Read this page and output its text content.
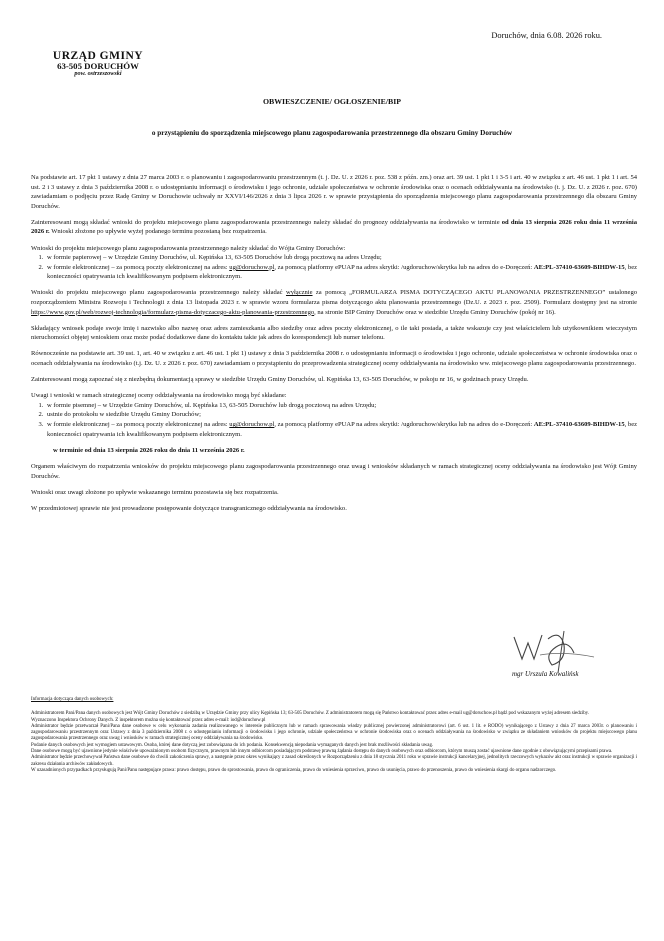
Doruchów, dnia 6.08. 2026 roku.
URZĄD GMINY
63-505 DORUCHÓW
pow. ostrzeszowski
OBWIESZCZENIE/ OGŁOSZENIE/BIP
o przystąpieniu do sporządzenia miejscowego planu zagospodarowania przestrzennego dla obszaru Gminy Doruchów

Na podstawie art. 17 pkt 1 ustawy z dnia 27 marca 2003 r. o planowaniu i zagospodarowaniu przestrzennym (t. j. Dz. U. z 2026 r. poz. 538 z późn. zm.) oraz art. 39 ust. 1 pkt 1 i 3-5 i art. 40 w związku z art. 46 ust. 1 pkt 1 i art. 54 ust. 2 i 3 ustawy z dnia 3 października 2008 r. o udostępnianiu informacji o środowisku i jego ochronie, udziale społeczeństwa w ochronie środowiska oraz o ocenach oddziaływania na środowisko (t. j. Dz. U. z 2026 r. poz. 670) zawiadamiam o podjęciu przez Radę Gminy w Doruchowie uchwały nr XXVI/146/2026 z dnia 3 lipca 2026 r. w sprawie przystąpienia do sporządzenia miejscowego planu zagospodarowania przestrzennego dla obszaru Gminy Doruchów.

Zainteresowani mogą składać wnioski do projektu miejscowego planu zagospodarowania przestrzennego należy składać do prognozy oddziaływania na środowisko w terminie od dnia 13 sierpnia 2026 roku dnia 11 września 2026 r. Wnioski złożone po upływie wyżej podanego terminu pozostaną bez rozpatrzenia.

Wnioski do projektu miejscowego planu zagospodarowania przestrzennego należy składać do Wójta Gminy Doruchów:

1. w formie papierowej – w Urzędzie Gminy Doruchów, ul. Kępińska 13, 63-505 Doruchów lub drogą pocztową na adres Urzędu;
2. w formie elektronicznej – za pomocą poczty elektronicznej na adres: ug@doruchow.pl, za pomocą platformy ePUAP na adres skrytki: /ugdoruchow/skrytka lub na adres do e-Doręczeń: AE:PL-37410-63609-BIHDW-15, bez konieczności opatrywania ich kwalifikowanym podpisem elektronicznym.

Wnioski do projektu miejscowego planu zagospodarowania przestrzennego należy składać wyłącznie za pomocą „FORMULARZA PISMA DOTYCZĄCEGO AKTU PLANOWANIA PRZESTRZENNEGO” ustalonego rozporządzeniem Ministra Rozwoju i Technologii z dnia 13 listopada 2023 r. w sprawie wzoru formularza pisma dotyczącego aktu planowania przestrzennego (Dz.U. z 2023 r. poz. 2509). Formularz dostępny jest na stronie https://www.gov.pl/web/rozwoj-technologia/formularz-pisma-dotyczacego-aktu-planowania-przestrzennego, na stronie BIP Gminy Doruchów oraz w siedzibie Urzędu Gminy Doruchów (pokój nr 16).

Składający wniosek podaje swoje imię i nazwisko albo nazwę oraz adres zamieszkania albo siedziby oraz adres poczty elektronicznej, o ile taki posiada, a także wskazuje czy jest właścicielem lub użytkownikiem wieczystym nieruchomości objętej wnioskiem oraz może podać dodatkowe dane do kontaktu takie jak adres do korespondencji lub numer telefonu.

Równocześnie na podstawie art. 39 ust. 1, art. 40 w związku z art. 46 ust. 1 pkt 1) ustawy z dnia 3 października 2008 r. o udostępnianiu informacji o środowisku i jego ochronie, udziale społeczeństwa w ochronie środowiska oraz o ocenach oddziaływania na środowisko (t.j. Dz. U. z 2026 r. poz. 670) zawiadamiam o przystąpieniu do przeprowadzenia strategicznej oceny oddziaływania na środowisko ww. miejscowego planu zagospodarowania przestrzennego.

Zainteresowani mogą zapoznać się z niezbędną dokumentacją sprawy w siedzibie Urzędu Gminy Doruchów, ul. Kępińska 13, 63-505 Doruchów, w pokoju nr 16, w godzinach pracy Urzędu.

Uwagi i wnioski w ramach strategicznej oceny oddziaływania na środowisko mogą być składane:

1. w formie pisemnej – w Urzędzie Gminy Doruchów, ul. Kępińska 13, 63-505 Doruchów lub drogą pocztową na adres Urzędu;
2. ustnie do protokołu w siedzibie Urzędu Gminy Doruchów;
3. w formie elektronicznej – za pomocą poczty elektronicznej na adres: ug@doruchow.pl, za pomocą platformy ePUAP na adres skrytki: /ugdoruchow/skrytka lub na adres do e-Doręczeń: AE:PL-37410-63609-BIHDW-15, bez konieczności opatrywania ich kwalifikowanym podpisem elektronicznym.

w terminie od dnia 13 sierpnia 2026 roku do dnia 11 września 2026 r.

Organem właściwym do rozpatrzenia wniosków do projektu miejscowego planu zagospodarowania przestrzennego oraz uwag i wniosków składanych w ramach strategicznej oceny oddziaływania na środowisko jest Wójt Gminy Doruchów.

Wnioski oraz uwagi złożone po upływie wskazanego terminu pozostawia się bez rozpatrzenia.

W przedmiotowej sprawie nie jest prowadzone postępowanie dotyczące transgranicznego oddziaływania na środowisko.

mgr Urszula Kowalińsk

Informacja dotycząca danych osobowych:

Administratorem Pani/Pana danych osobowych jest Wójt Gminy Doruchów z siedzibą w Urzędzie Gminy przy ulicy Kępińska 13; 63-505 Doruchów. Z administratorem mogą się Państwo kontaktować przez adres e-mail ug@doruchow.pl bądź pod wskazanym wyżej adresem siedziby.

Wyznaczono Inspektora Ochrony Danych. Z inspektorem można się kontaktować przez adres e-mail: iod@doruchow.pl

Administrator będzie przetwarzał Pani/Pana dane osobowe w celu wykonania zadania realizowanego w interesie publicznym lub w ramach sprawowania władzy publicznej powierzonej administratorowi (art. 6 ust. 1 lit. e RODO) wynikającego z Ustawy z dnia 27 marca 2003r. o planowaniu i zagospodarowaniu przestrzennym oraz Ustawy z dnia 3 października 2008 r. o udostępnianiu informacji o środowisku i jego ochronie, udziale społeczeństwa w ochronie środowiska oraz o ocenach oddziaływania na środowisko w związku ze składaniem wniosków do projektu miejscowego planu zagospodarowania przestrzennego oraz uwag i wniosków w ramach strategicznej oceny oddziaływania na środowisko.

Podanie danych osobowych jest wymogiem ustawowym. Osoba, której dane dotyczą jest zobowiązana do ich podania. Konsekwencją niepodania wymaganych danych jest brak możliwości składania uwag.

Dane osobowe mogą być ujawnione jedynie właściwie upoważnionym osobom fizycznym, prawnym lub innym odbiorcom posiadającym podstawę prawną żądania dostępu do danych osobowych oraz odbiorcom, którym muszą zostać ujawnione dane zgodnie z obowiązującymi przepisami prawa.

Administrator będzie przechowywał Państwa dane osobowe do chwili zakończenia sprawy, a następnie przez okres wynikający z zasad określonych w Rozporządzeniu z dnia 18 stycznia 2011 roku w sprawie instrukcji kancelaryjnej, jednolitych rzeczowych wykazów akt oraz instrukcji w sprawie organizacji i zakresu działania archiwów zakładowych.

W uzasadnionych przypadkach przysługują Pani/Panu następujące prawa: prawo dostępu, prawo do sprostowania, prawo do ograniczenia, prawo do wniesienia sprzeciwu, prawo do usunięcia, prawo do przenoszenia, prawo do wniesienia skargi do organu nadzorczego.
